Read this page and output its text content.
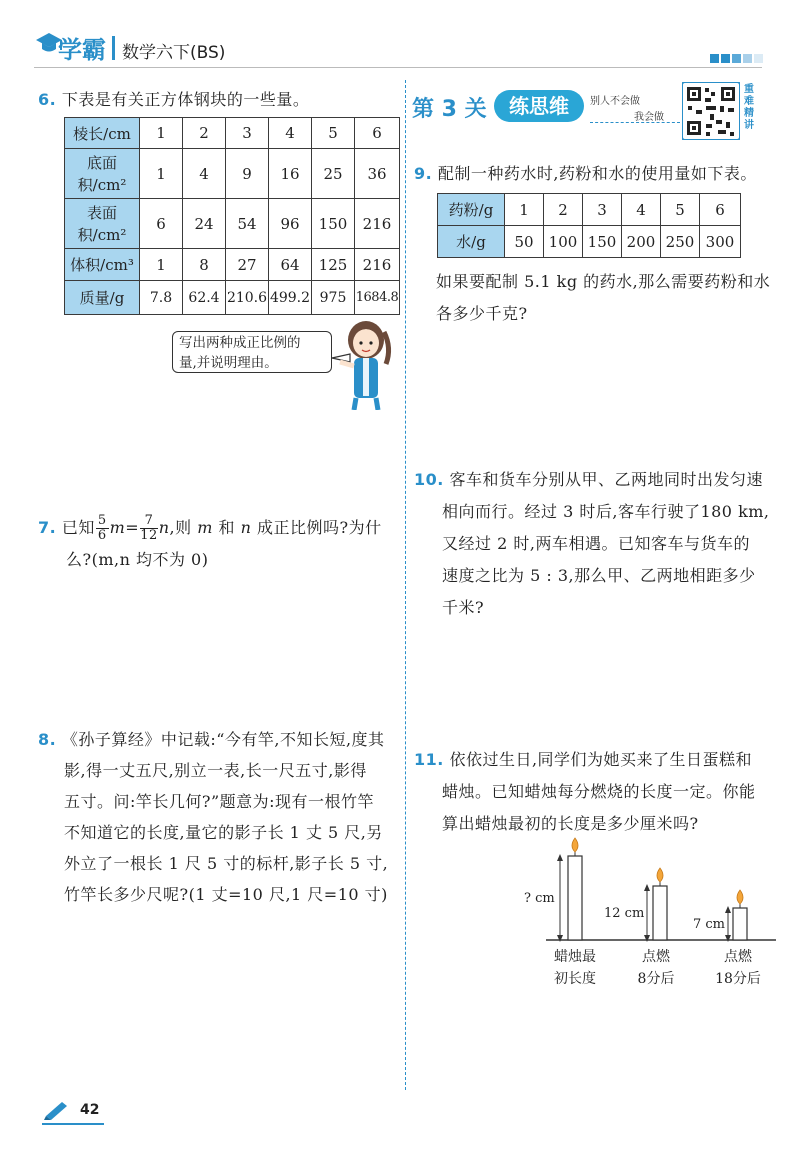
学霸 数学六下(BS)
6. 下表是有关正方体钢块的一些量。
棱长/cm	1	2	3	4	5	6

底面
积/cm²	1	4	9	16	25	36

表面
积/cm²	6	24	54	96	150	216
体积/cm³	1	8	27	64	125	216
质量/g	7.8	62.4	210.6	499.2	975	1684.8
写出两种成正比例的
量,并说明理由。
7. 已知 $\frac{5}{6} m= \frac{7}{12} n$,则 m 和 n 成正比例吗?为什
么?(m,n 均不为 0)
8. 《孙子算经》中记载:“今有竿,不知长短,度其
影,得一丈五尺,别立一表,长一尺五寸,影得
五寸。问:竿长几何?”题意为:现有一根竹竿
不知道它的长度,量它的影子长 1 丈 5 尺,另
外立了一根长 1 尺 5 寸的标杆,影子长 5 寸,
竹竿长多少尺呢?(1 丈=10 尺,1 尺=10 寸)
第 3 关	练思维	别人不会做
我会做
重
难
精
讲
9. 配制一种药水时,药粉和水的使用量如下表。
药粉/g	1	2	3	4	5	6
水/g	50	100	150	200	250	300
如果要配制 5.1 kg 的药水,那么需要药粉和水
各多少千克?
10. 客车和货车分别从甲、乙两地同时出发匀速
相向而行。经过 3 时后,客车行驶了180 km,
又经过 2 时,两车相遇。已知客车与货车的
速度之比为 5 : 3,那么甲、乙两地相距多少
千米?
11. 依依过生日,同学们为她买来了生日蛋糕和
蜡烛。已知蜡烛每分燃烧的长度一定。你能
算出蜡烛最初的长度是多少厘米吗?
? cm
12 cm
7 cm
蜡烛最
初长度
点燃
8分后
点燃
18分后
42
